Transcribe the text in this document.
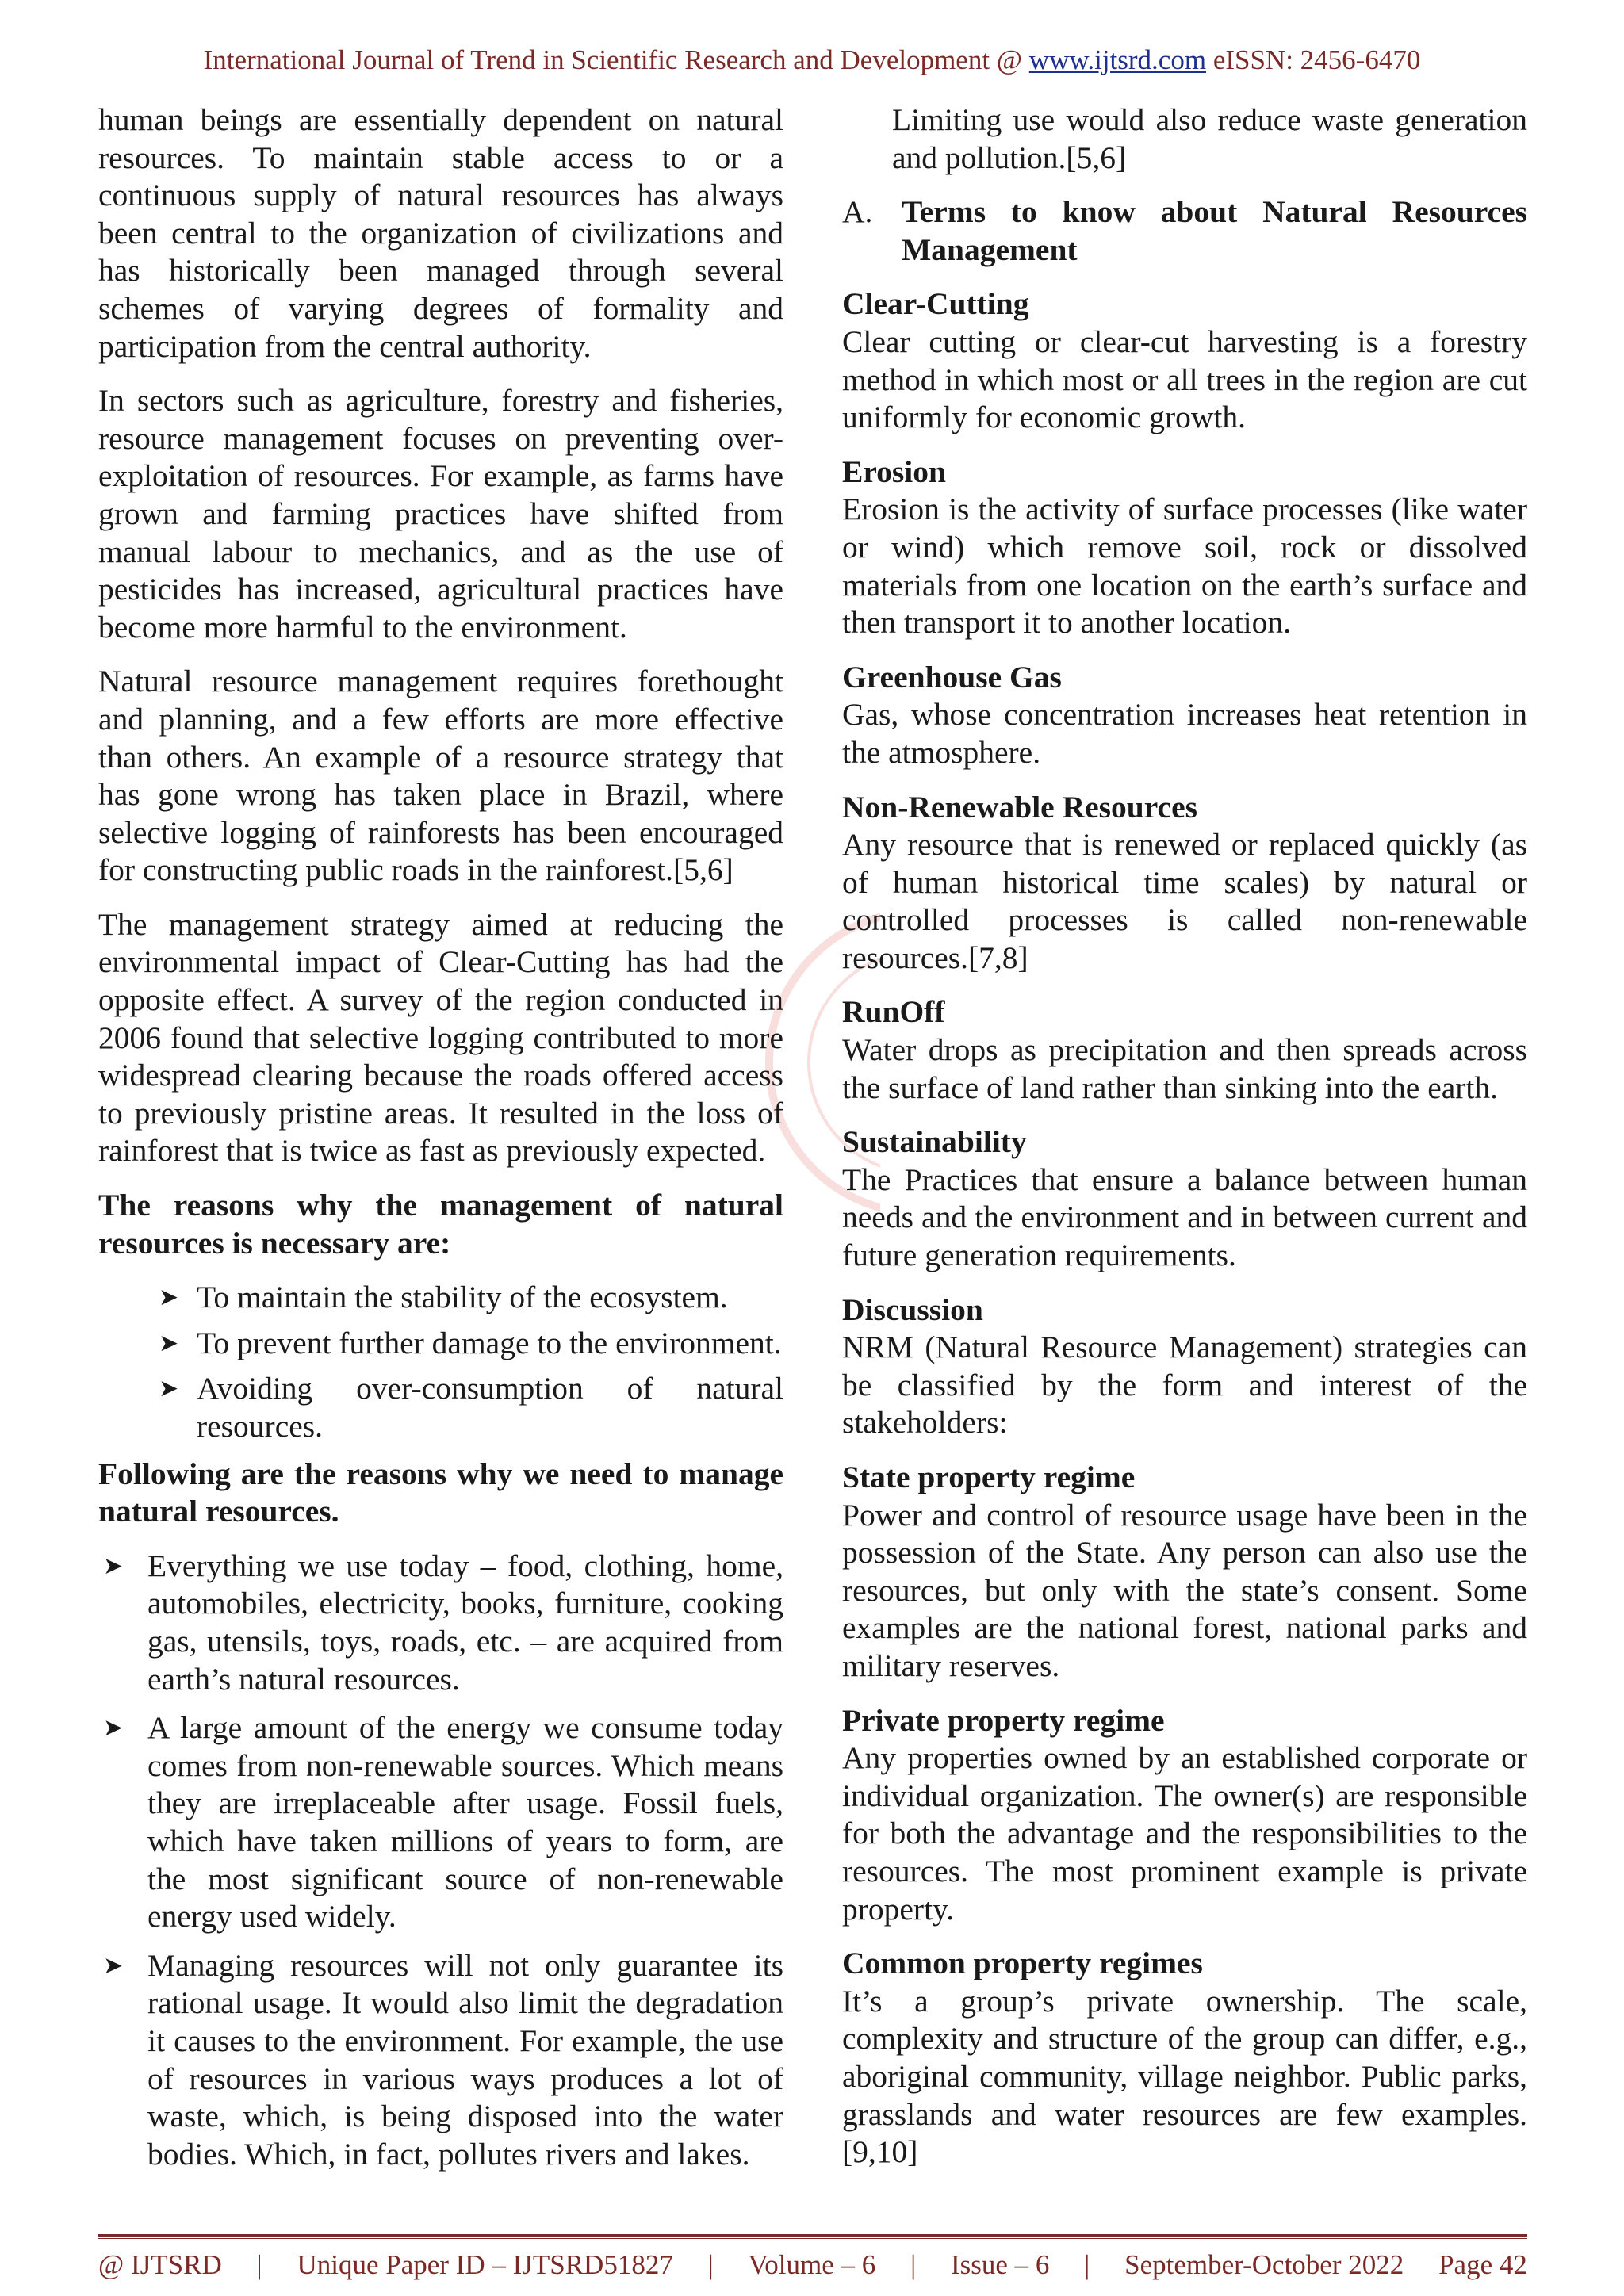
International Journal of Trend in Scientific Research and Development @ www.ijtsrd.com eISSN: 2456-6470

human beings are essentially dependent on natural resources. To maintain stable access to or a continuous supply of natural resources has always been central to the organization of civilizations and has historically been managed through several schemes of varying degrees of formality and participation from the central authority.

In sectors such as agriculture, forestry and fisheries, resource management focuses on preventing over-exploitation of resources. For example, as farms have grown and farming practices have shifted from manual labour to mechanics, and as the use of pesticides has increased, agricultural practices have become more harmful to the environment.

Natural resource management requires forethought and planning, and a few efforts are more effective than others. An example of a resource strategy that has gone wrong has taken place in Brazil, where selective logging of rainforests has been encouraged for constructing public roads in the rainforest.[5,6]

The management strategy aimed at reducing the environmental impact of Clear-Cutting has had the opposite effect. A survey of the region conducted in 2006 found that selective logging contributed to more widespread clearing because the roads offered access to previously pristine areas. It resulted in the loss of rainforest that is twice as fast as previously expected.

The reasons why the management of natural resources is necessary are:

➤ To maintain the stability of the ecosystem.
➤ To prevent further damage to the environment.
➤ Avoiding over-consumption of natural resources.

Following are the reasons why we need to manage natural resources.

➤ Everything we use today – food, clothing, home, automobiles, electricity, books, furniture, cooking gas, utensils, toys, roads, etc. – are acquired from earth’s natural resources.
➤ A large amount of the energy we consume today comes from non-renewable sources. Which means they are irreplaceable after usage. Fossil fuels, which have taken millions of years to form, are the most significant source of non-renewable energy used widely.
➤ Managing resources will not only guarantee its rational usage. It would also limit the degradation it causes to the environment. For example, the use of resources in various ways produces a lot of waste, which, is being disposed into the water bodies. Which, in fact, pollutes rivers and lakes.

Limiting use would also reduce waste generation and pollution.[5,6]

A. Terms to know about Natural Resources Management
Clear-Cutting

Clear cutting or clear-cut harvesting is a forestry method in which most or all trees in the region are cut uniformly for economic growth.

Erosion

Erosion is the activity of surface processes (like water or wind) which remove soil, rock or dissolved materials from one location on the earth’s surface and then transport it to another location.

Greenhouse Gas

Gas, whose concentration increases heat retention in the atmosphere.

Non-Renewable Resources

Any resource that is renewed or replaced quickly (as of human historical time scales) by natural or controlled processes is called non-renewable resources.[7,8]

RunOff

Water drops as precipitation and then spreads across the surface of land rather than sinking into the earth.

Sustainability

The Practices that ensure a balance between human needs and the environment and in between current and future generation requirements.

Discussion

NRM (Natural Resource Management) strategies can be classified by the form and interest of the stakeholders:

State property regime

Power and control of resource usage have been in the possession of the State. Any person can also use the resources, but only with the state’s consent. Some examples are the national forest, national parks and military reserves.

Private property regime

Any properties owned by an established corporate or individual organization. The owner(s) are responsible for both the advantage and the responsibilities to the resources. The most prominent example is private property.

Common property regimes

It’s a group’s private ownership. The scale, complexity and structure of the group can differ, e.g., aboriginal community, village neighbor. Public parks, grasslands and water resources are few examples.[9,10]

@ IJTSRD | Unique Paper ID – IJTSRD51827 | Volume – 6 | Issue – 6 | September-October 2022 Page 42
